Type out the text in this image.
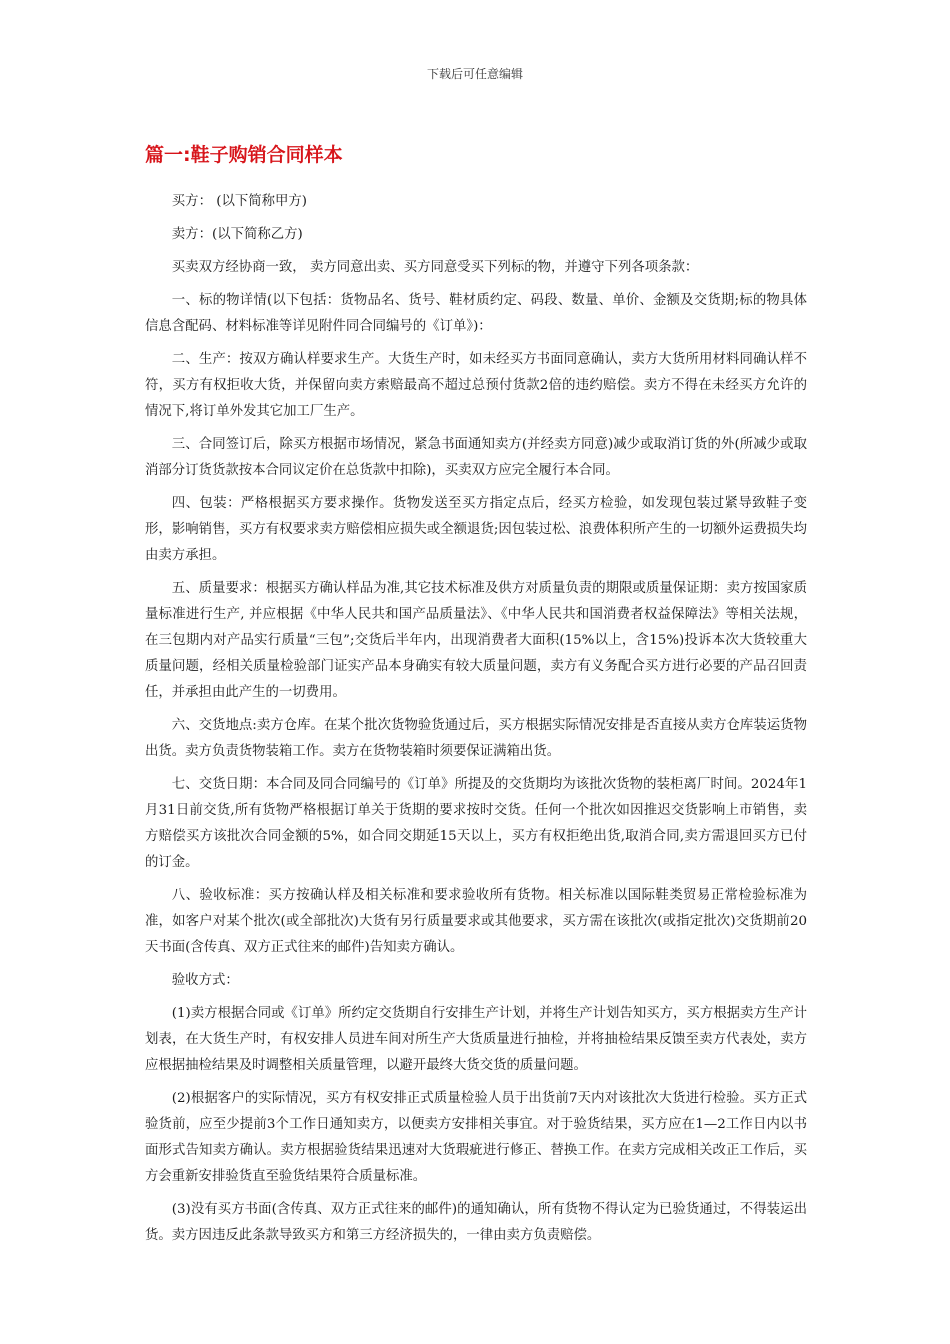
下载后可任意编辑
篇一:鞋子购销合同样本

买方： (以下简称甲方)

卖方：(以下简称乙方)

买卖双方经协商一致， 卖方同意出卖、买方同意受买下列标的物，并遵守下列各项条款：

一、标的物详情(以下包括：货物品名、货号、鞋材质约定、码段、数量、单价、金额及交货期;标的物具体信息含配码、材料标准等详见附件同合同编号的《订单》)：

二、生产：按双方确认样要求生产。大货生产时，如未经买方书面同意确认，卖方大货所用材料同确认样不符，买方有权拒收大货，并保留向卖方索赔最高不超过总预付货款2倍的违约赔偿。卖方不得在未经买方允许的情况下,将订单外发其它加工厂生产。

三、合同签订后，除买方根据市场情况，紧急书面通知卖方(并经卖方同意)减少或取消订货的外(所减少或取消部分订货货款按本合同议定价在总货款中扣除)，买卖双方应完全履行本合同。

四、包装：严格根据买方要求操作。货物发送至买方指定点后，经买方检验，如发现包装过紧导致鞋子变形，影响销售，买方有权要求卖方赔偿相应损失或全额退货;因包装过松、浪费体积所产生的一切额外运费损失均由卖方承担。

五、质量要求：根据买方确认样品为准,其它技术标准及供方对质量负责的期限或质量保证期：卖方按国家质量标准进行生产, 并应根据《中华人民共和国产品质量法》、《中华人民共和国消费者权益保障法》等相关法规，在三包期内对产品实行质量“三包”;交货后半年内，出现消费者大面积(15%以上，含15%)投诉本次大货较重大质量问题，经相关质量检验部门证实产品本身确实有较大质量问题，卖方有义务配合买方进行必要的产品召回责任，并承担由此产生的一切费用。

六、交货地点:卖方仓库。在某个批次货物验货通过后，买方根据实际情况安排是否直接从卖方仓库装运货物出货。卖方负责货物装箱工作。卖方在货物装箱时须要保证满箱出货。

七、交货日期：本合同及同合同编号的《订单》所提及的交货期均为该批次货物的装柜离厂时间。2024年1月31日前交货,所有货物严格根据订单关于货期的要求按时交货。任何一个批次如因推迟交货影响上市销售，卖方赔偿买方该批次合同金额的5%，如合同交期延15天以上，买方有权拒绝出货,取消合同,卖方需退回买方已付的订金。

八、验收标准：买方按确认样及相关标准和要求验收所有货物。相关标准以国际鞋类贸易正常检验标准为准，如客户对某个批次(或全部批次)大货有另行质量要求或其他要求，买方需在该批次(或指定批次)交货期前20天书面(含传真、双方正式往来的邮件)告知卖方确认。

验收方式：

(1)卖方根据合同或《订单》所约定交货期自行安排生产计划，并将生产计划告知买方，买方根据卖方生产计划表，在大货生产时，有权安排人员进车间对所生产大货质量进行抽检，并将抽检结果反馈至卖方代表处，卖方应根据抽检结果及时调整相关质量管理，以避开最终大货交货的质量问题。

(2)根据客户的实际情况，买方有权安排正式质量检验人员于出货前7天内对该批次大货进行检验。买方正式验货前，应至少提前3个工作日通知卖方，以便卖方安排相关事宜。对于验货结果，买方应在1—2工作日内以书面形式告知卖方确认。卖方根据验货结果迅速对大货瑕疵进行修正、替换工作。在卖方完成相关改正工作后，买方会重新安排验货直至验货结果符合质量标准。

(3)没有买方书面(含传真、双方正式往来的邮件)的通知确认，所有货物不得认定为已验货通过，不得装运出货。卖方因违反此条款导致买方和第三方经济损失的，一律由卖方负责赔偿。
